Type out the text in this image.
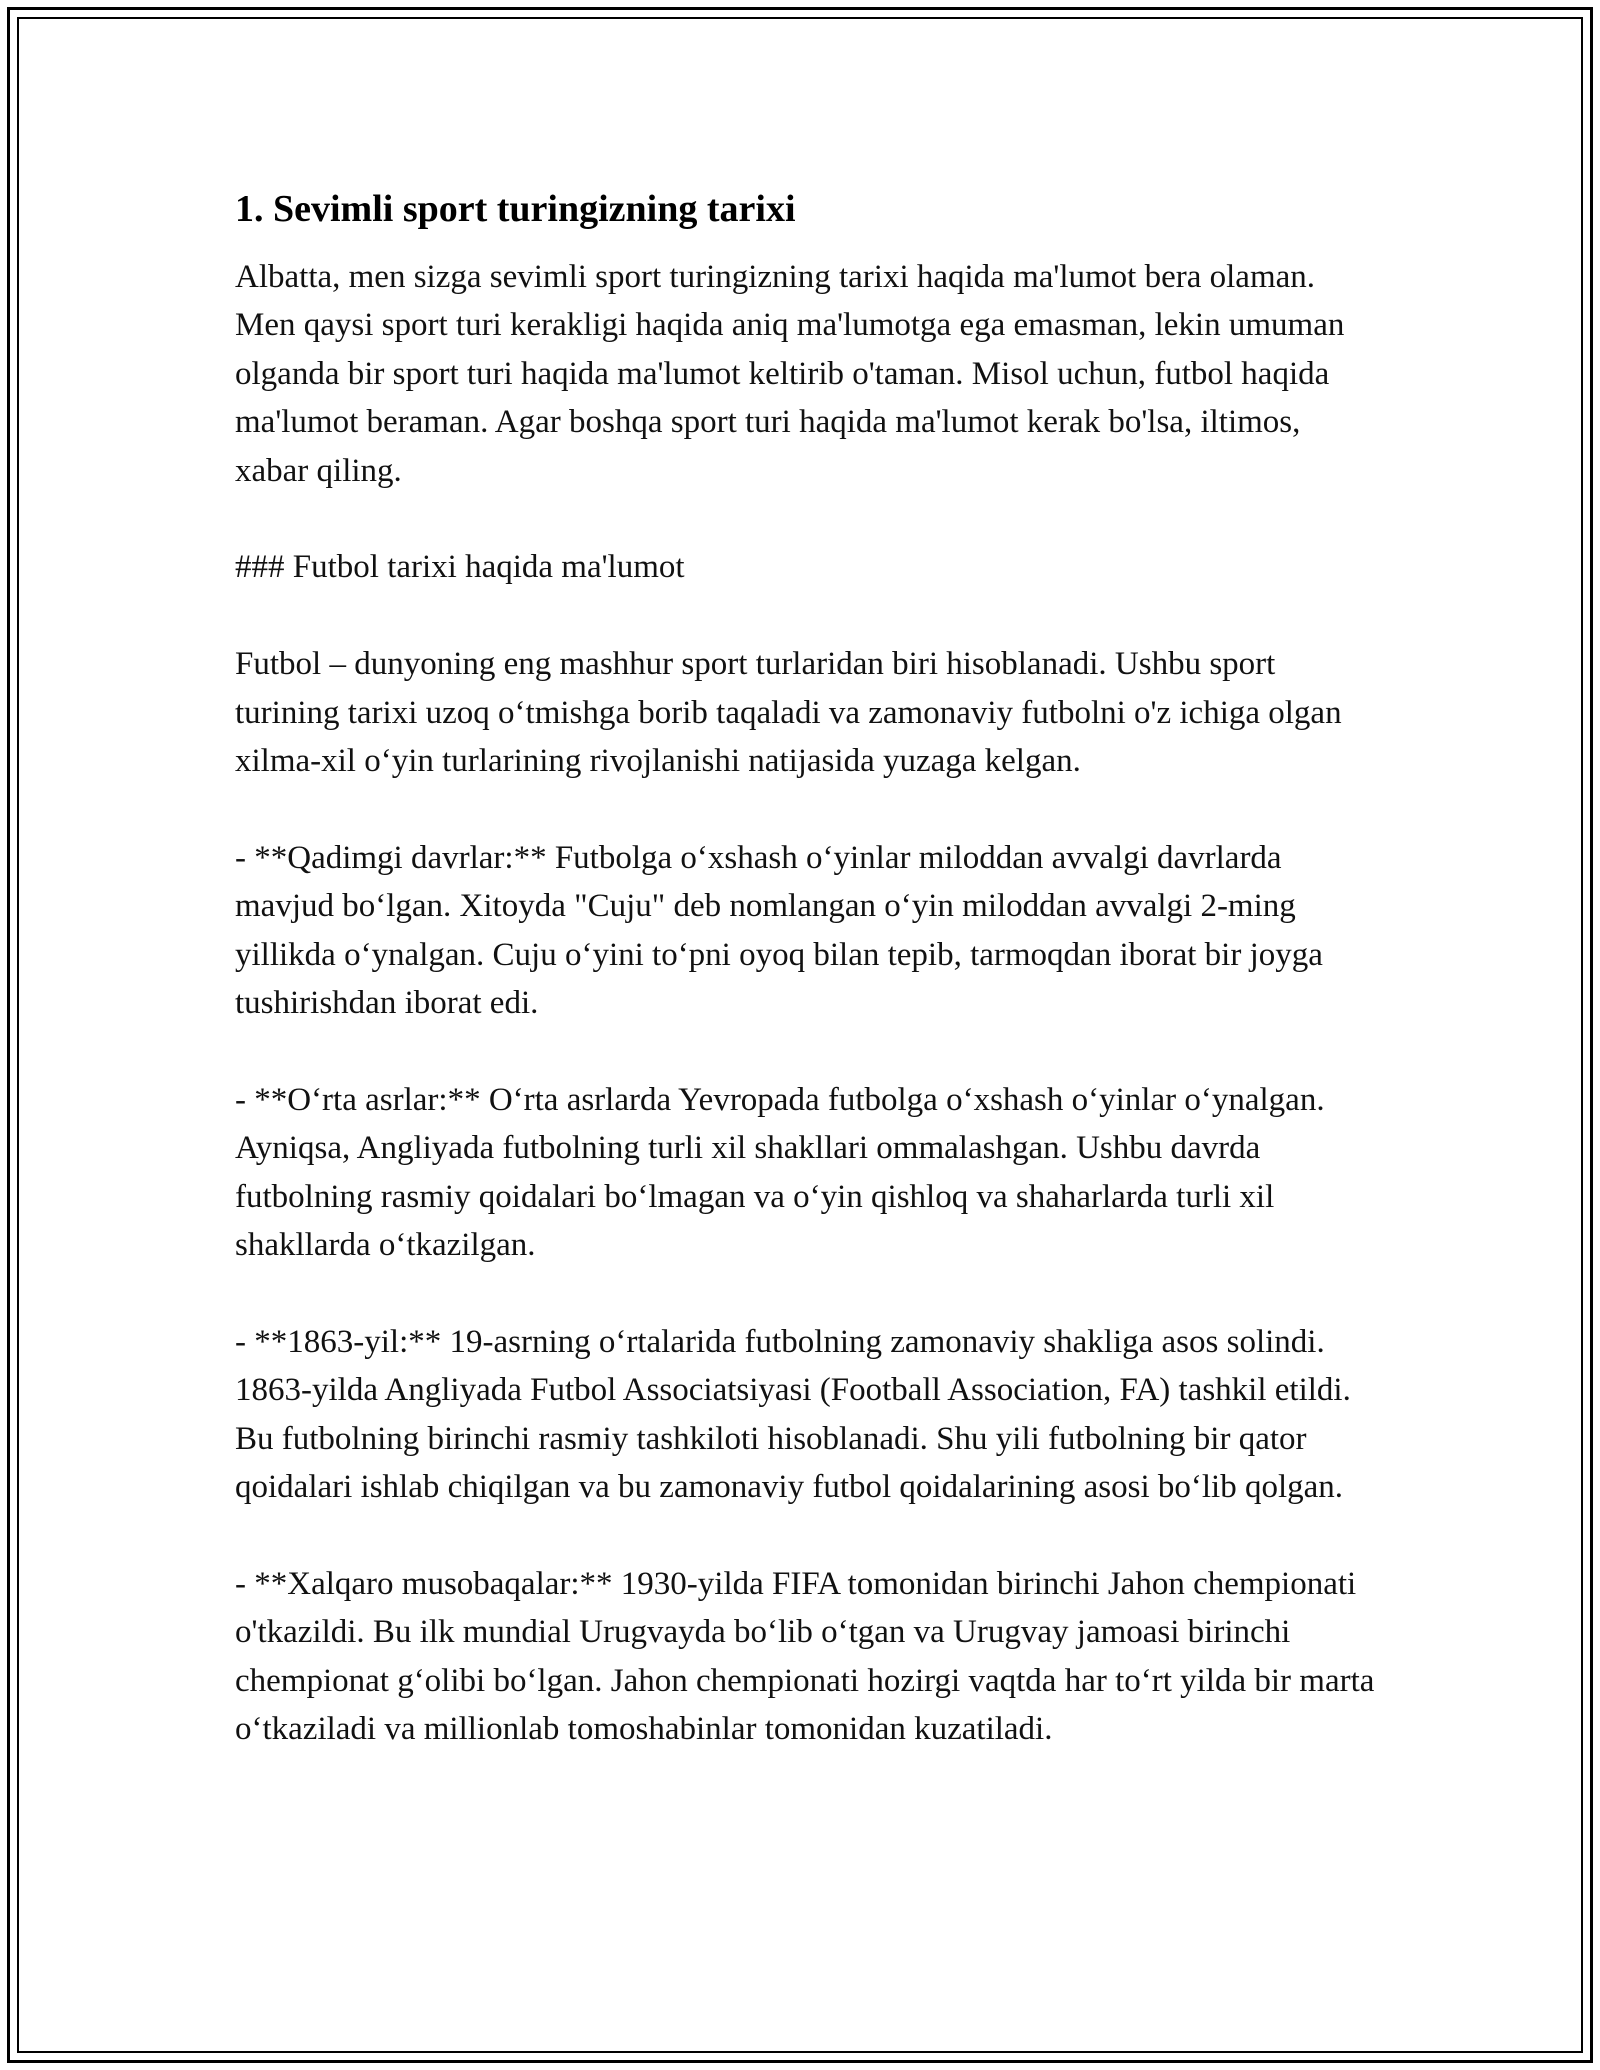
1. Sevimli sport turingizning tarixi

Albatta, men sizga sevimli sport turingizning tarixi haqida ma'lumot bera olaman. Men qaysi sport turi kerakligi haqida aniq ma'lumotga ega emasman, lekin umuman olganda bir sport turi haqida ma'lumot keltirib o'taman. Misol uchun, futbol haqida ma'lumot beraman. Agar boshqa sport turi haqida ma'lumot kerak bo'lsa, iltimos, xabar qiling.

### Futbol tarixi haqida ma'lumot

Futbol – dunyoning eng mashhur sport turlaridan biri hisoblanadi. Ushbu sport turining tarixi uzoq o‘tmishga borib taqaladi va zamonaviy futbolni o'z ichiga olgan xilma-xil o‘yin turlarining rivojlanishi natijasida yuzaga kelgan.

- **Qadimgi davrlar:** Futbolga o‘xshash o‘yinlar miloddan avvalgi davrlarda mavjud bo‘lgan. Xitoyda "Cuju" deb nomlangan o‘yin miloddan avvalgi 2-ming yillikda o‘ynalgan. Cuju o‘yini to‘pni oyoq bilan tepib, tarmoqdan iborat bir joyga tushirishdan iborat edi.

- **O‘rta asrlar:** O‘rta asrlarda Yevropada futbolga o‘xshash o‘yinlar o‘ynalgan. Ayniqsa, Angliyada futbolning turli xil shakllari ommalashgan. Ushbu davrda futbolning rasmiy qoidalari bo‘lmagan va o‘yin qishloq va shaharlarda turli xil shakllarda o‘tkazilgan.

- **1863-yil:** 19-asrning o‘rtalarida futbolning zamonaviy shakliga asos solindi. 1863-yilda Angliyada Futbol Associatsiyasi (Football Association, FA) tashkil etildi. Bu futbolning birinchi rasmiy tashkiloti hisoblanadi. Shu yili futbolning bir qator qoidalari ishlab chiqilgan va bu zamonaviy futbol qoidalarining asosi bo‘lib qolgan.

- **Xalqaro musobaqalar:** 1930-yilda FIFA tomonidan birinchi Jahon chempionati o'tkazildi. Bu ilk mundial Urugvayda bo‘lib o‘tgan va Urugvay jamoasi birinchi chempionat g‘olibi bo‘lgan. Jahon chempionati hozirgi vaqtda har to‘rt yilda bir marta o‘tkaziladi va millionlab tomoshabinlar tomonidan kuzatiladi.
